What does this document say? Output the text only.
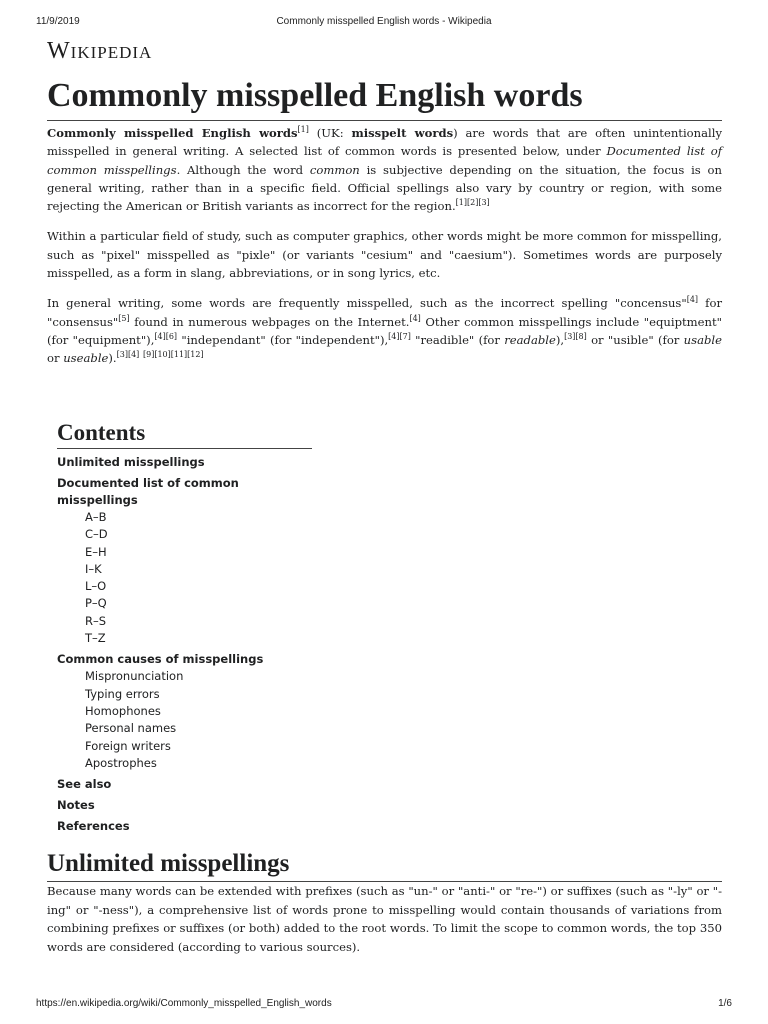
11/9/2019	Commonly misspelled English words - Wikipedia
Wikipedia
Commonly misspelled English words

Commonly misspelled English words[1] (UK: misspelt words) are words that are often unintentionally misspelled in general writing. A selected list of common words is presented below, under Documented list of common misspellings. Although the word common is subjective depending on the situation, the focus is on general writing, rather than in a specific field. Official spellings also vary by country or region, with some rejecting the American or British variants as incorrect for the region.[1][2][3]

Within a particular field of study, such as computer graphics, other words might be more common for misspelling, such as "pixel" misspelled as "pixle" (or variants "cesium" and "caesium"). Sometimes words are purposely misspelled, as a form in slang, abbreviations, or in song lyrics, etc.

In general writing, some words are frequently misspelled, such as the incorrect spelling "concensus"[4] for "consensus"[5] found in numerous webpages on the Internet.[4] Other common misspellings include "equiptment" (for "equipment"),[4][6] "independant" (for "independent"),[4][7] "readible" (for readable),[3][8] or "usible" (for usable or useable).[3][4] [9][10][11][12]

Contents
Unlimited misspellings
Documented list of common misspellings
A–B
C–D
E–H
I–K
L–O
P–Q
R–S
T–Z
Common causes of misspellings
Mispronunciation
Typing errors
Homophones
Personal names
Foreign writers
Apostrophes
See also
Notes
References
Unlimited misspellings

Because many words can be extended with prefixes (such as "un-" or "anti-" or "re-") or suffixes (such as "-ly" or "-ing" or "-ness"), a comprehensive list of words prone to misspelling would contain thousands of variations from combining prefixes or suffixes (or both) added to the root words. To limit the scope to common words, the top 350 words are considered (according to various sources).

https://en.wikipedia.org/wiki/Commonly_misspelled_English_words	1/6
